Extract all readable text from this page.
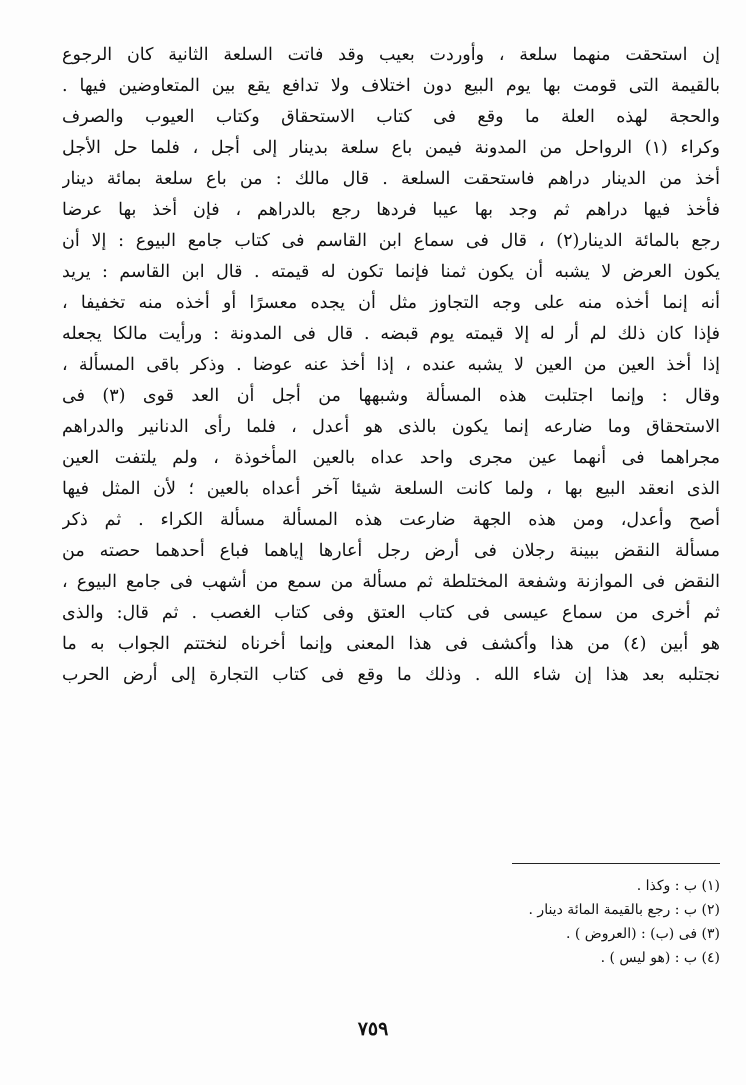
إن استحقت منهما سلعة ، وأوردت بعيب وقد فاتت السلعة الثانية كان الرجوع
بالقيمة التى قومت بها يوم البيع دون اختلاف ولا تدافع يقع بين المتعاوضين فيها .
والحجة لهذه العلة ما وقع فى كتاب الاستحقاق وكتاب العيوب والصرف
وكراء (١) الرواحل من المدونة فيمن باع سلعة بدينار إلى أجل ، فلما حل الأجل
أخذ من الدينار دراهم فاستحقت السلعة . قال مالك : من باع سلعة بمائة دينار
فأخذ فيها دراهم ثم وجد بها عيبا فردها رجع بالدراهم ، فإن أخذ بها عرضا
رجع بالمائة الدينار(٢) ، قال فى سماع ابن القاسم فى كتاب جامع البيوع : إلا أن
يكون العرض لا يشبه أن يكون ثمنا فإنما تكون له قيمته . قال ابن القاسم : يريد
أنه إنما أخذه منه على وجه التجاوز مثل أن يجده معسرًا أو أخذه منه تخفيفا ،
فإذا كان ذلك لم أر له إلا قيمته يوم قبضه . قال فى المدونة : ورأيت مالكا يجعله
إذا أخذ العين من العين لا يشبه عنده ، إذا أخذ عنه عوضا . وذكر باقى المسألة ،
وقال : وإنما اجتلبت هذه المسألة وشبهها من أجل أن العد قوى (٣) فى
الاستحقاق وما ضارعه إنما يكون بالذى هو أعدل ، فلما رأى الدنانير والدراهم
مجراهما فى أنهما عين مجرى واحد عداه بالعين المأخوذة ، ولم يلتفت العين
الذى انعقد البيع بها ، ولما كانت السلعة شيئا آخر أعداه بالعين ؛ لأن المثل فيها
أصح وأعدل، ومن هذه الجهة ضارعت هذه المسألة مسألة الكراء . ثم ذكر
مسألة النقض ببينة رجلان فى أرض رجل أعارها إياهما فباع أحدهما حصته من
النقض فى الموازنة وشفعة المختلطة ثم مسألة من سمع من أشهب فى جامع البيوع ،
ثم أخرى من سماع عيسى فى كتاب العتق وفى كتاب الغصب . ثم قال: والذى
هو أبين (٤) من هذا وأكشف فى هذا المعنى وإنما أخرناه لنختتم الجواب به ما
نجتلبه بعد هذا إن شاء الله . وذلك ما وقع فى كتاب التجارة إلى أرض الحرب
(١) ب : وكذا .
(٢) ب : رجع بالقيمة المائة دينار .
(٣) فى (ب) : (العروض ) .
(٤) ب : (هو ليس ) .
٧٥٩
